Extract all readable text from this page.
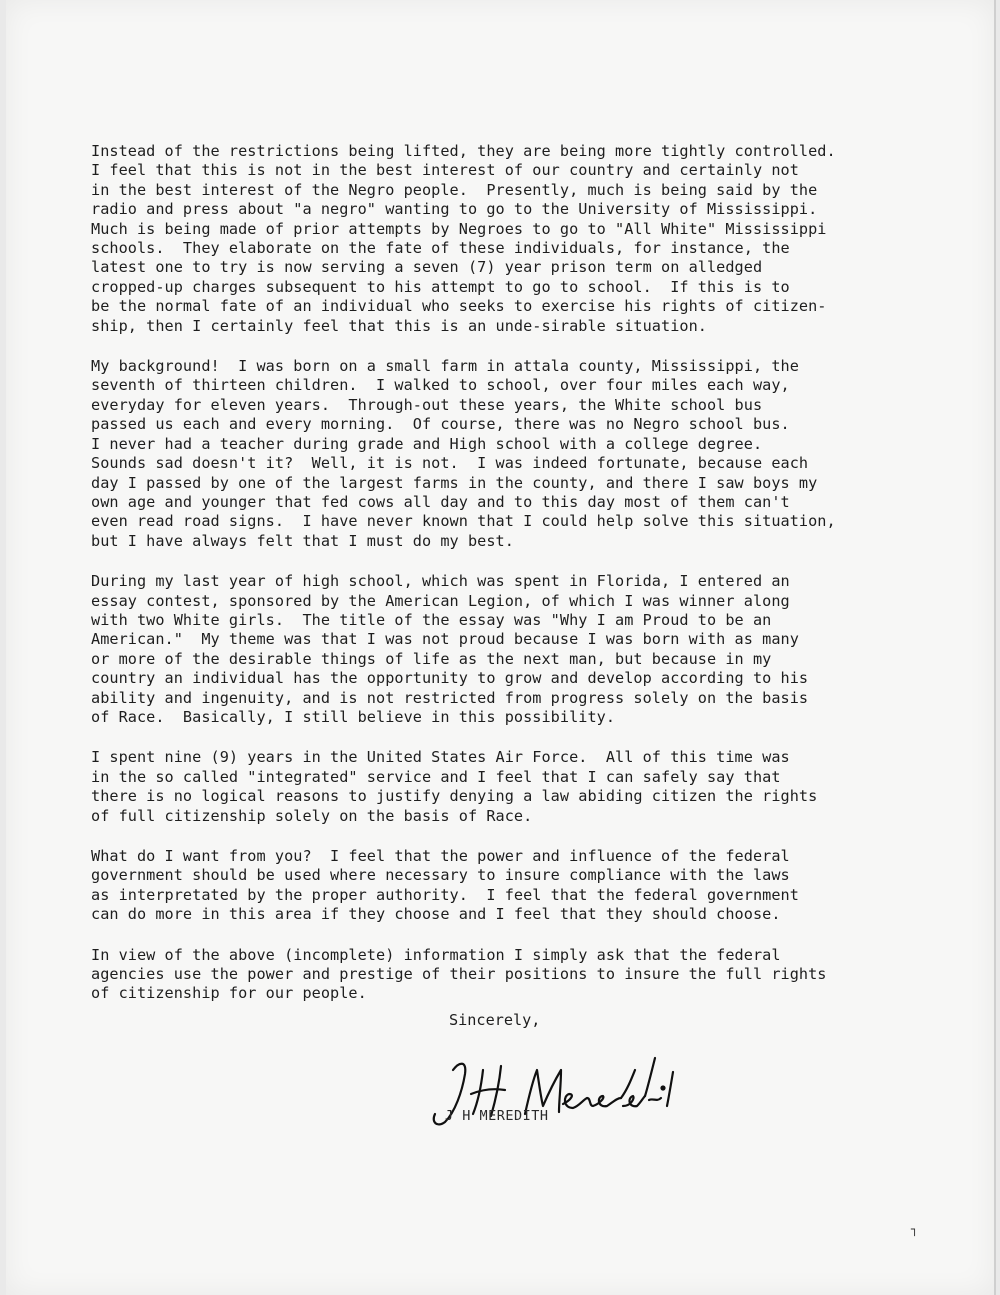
Instead of the restrictions being lifted, they are being more tightly controlled.
I feel that this is not in the best interest of our country and certainly not
in the best interest of the Negro people.  Presently, much is being said by the
radio and press about "a negro" wanting to go to the University of Mississippi.
Much is being made of prior attempts by Negroes to go to "All White" Mississippi
schools.  They elaborate on the fate of these individuals, for instance, the
latest one to try is now serving a seven (7) year prison term on alledged
cropped-up charges subsequent to his attempt to go to school.  If this is to
be the normal fate of an individual who seeks to exercise his rights of citizen-
ship, then I certainly feel that this is an unde-sirable situation.
My background!  I was born on a small farm in attala county, Mississippi, the
seventh of thirteen children.  I walked to school, over four miles each way,
everyday for eleven years.  Through-out these years, the White school bus
passed us each and every morning.  Of course, there was no Negro school bus.
I never had a teacher during grade and High school with a college degree.
Sounds sad doesn't it?  Well, it is not.  I was indeed fortunate, because each
day I passed by one of the largest farms in the county, and there I saw boys my
own age and younger that fed cows all day and to this day most of them can't
even read road signs.  I have never known that I could help solve this situation,
but I have always felt that I must do my best.
During my last year of high school, which was spent in Florida, I entered an
essay contest, sponsored by the American Legion, of which I was winner along
with two White girls.  The title of the essay was "Why I am Proud to be an
American."  My theme was that I was not proud because I was born with as many
or more of the desirable things of life as the next man, but because in my
country an individual has the opportunity to grow and develop according to his
ability and ingenuity, and is not restricted from progress solely on the basis
of Race.  Basically, I still believe in this possibility.
I spent nine (9) years in the United States Air Force.  All of this time was
in the so called "integrated" service and I feel that I can safely say that
there is no logical reasons to justify denying a law abiding citizen the rights
of full citizenship solely on the basis of Race.
What do I want from you?  I feel that the power and influence of the federal
government should be used where necessary to insure compliance with the laws
as interpretated by the proper authority.  I feel that the federal government
can do more in this area if they choose and I feel that they should choose.
In view of the above (incomplete) information I simply ask that the federal
agencies use the power and prestige of their positions to insure the full rights
of citizenship for our people.
Sincerely,
J H MEREDITH
┐
